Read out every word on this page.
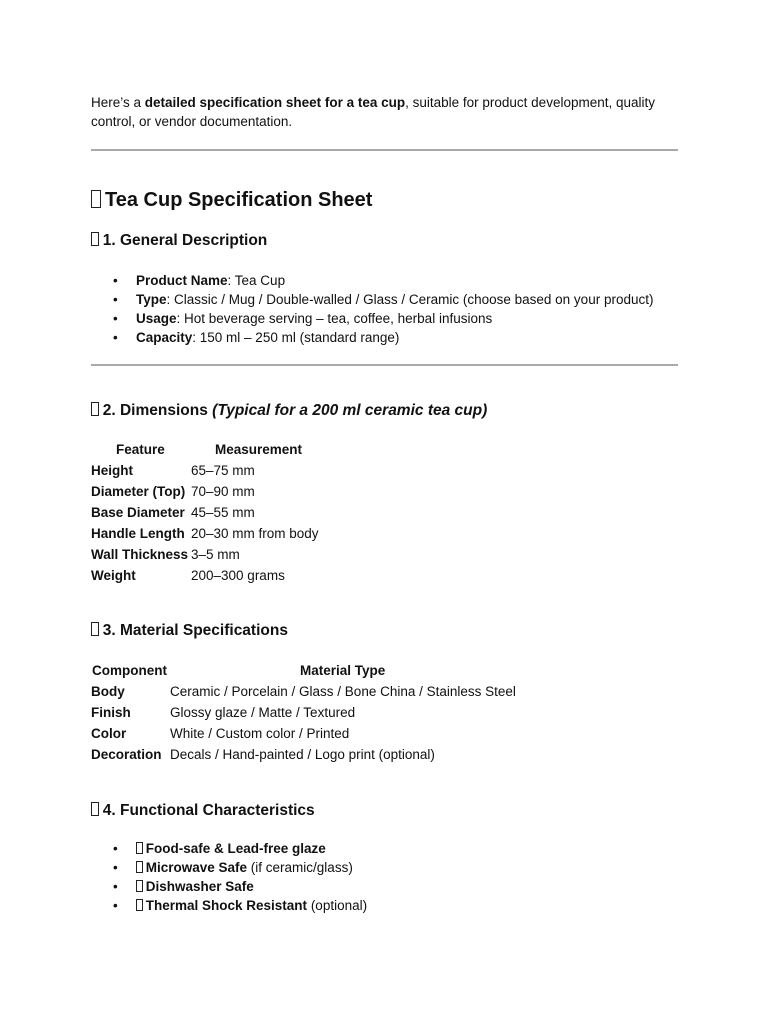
Here’s a detailed specification sheet for a tea cup, suitable for product development, quality control, or vendor documentation.
Tea Cup Specification Sheet
1. General Description
• Product Name: Tea Cup
• Type: Classic / Mug / Double-walled / Glass / Ceramic (choose based on your product)
• Usage: Hot beverage serving – tea, coffee, herbal infusions
• Capacity: 150 ml – 250 ml (standard range)
2. Dimensions (Typical for a 200 ml ceramic tea cup)
Feature	Measurement
Height	65–75 mm
Diameter (Top) 70–90 mm
Base Diameter 45–55 mm
Handle Length 20–30 mm from body
Wall Thickness 3–5 mm
Weight	200–300 grams
3. Material Specifications
Component	Material Type
Body	Ceramic / Porcelain / Glass / Bone China / Stainless Steel
Finish	Glossy glaze / Matte / Textured
Color	White / Custom color / Printed
Decoration Decals / Hand-painted / Logo print (optional)
4. Functional Characteristics
• Food-safe & Lead-free glaze
• Microwave Safe (if ceramic/glass)
• Dishwasher Safe
• Thermal Shock Resistant (optional)
